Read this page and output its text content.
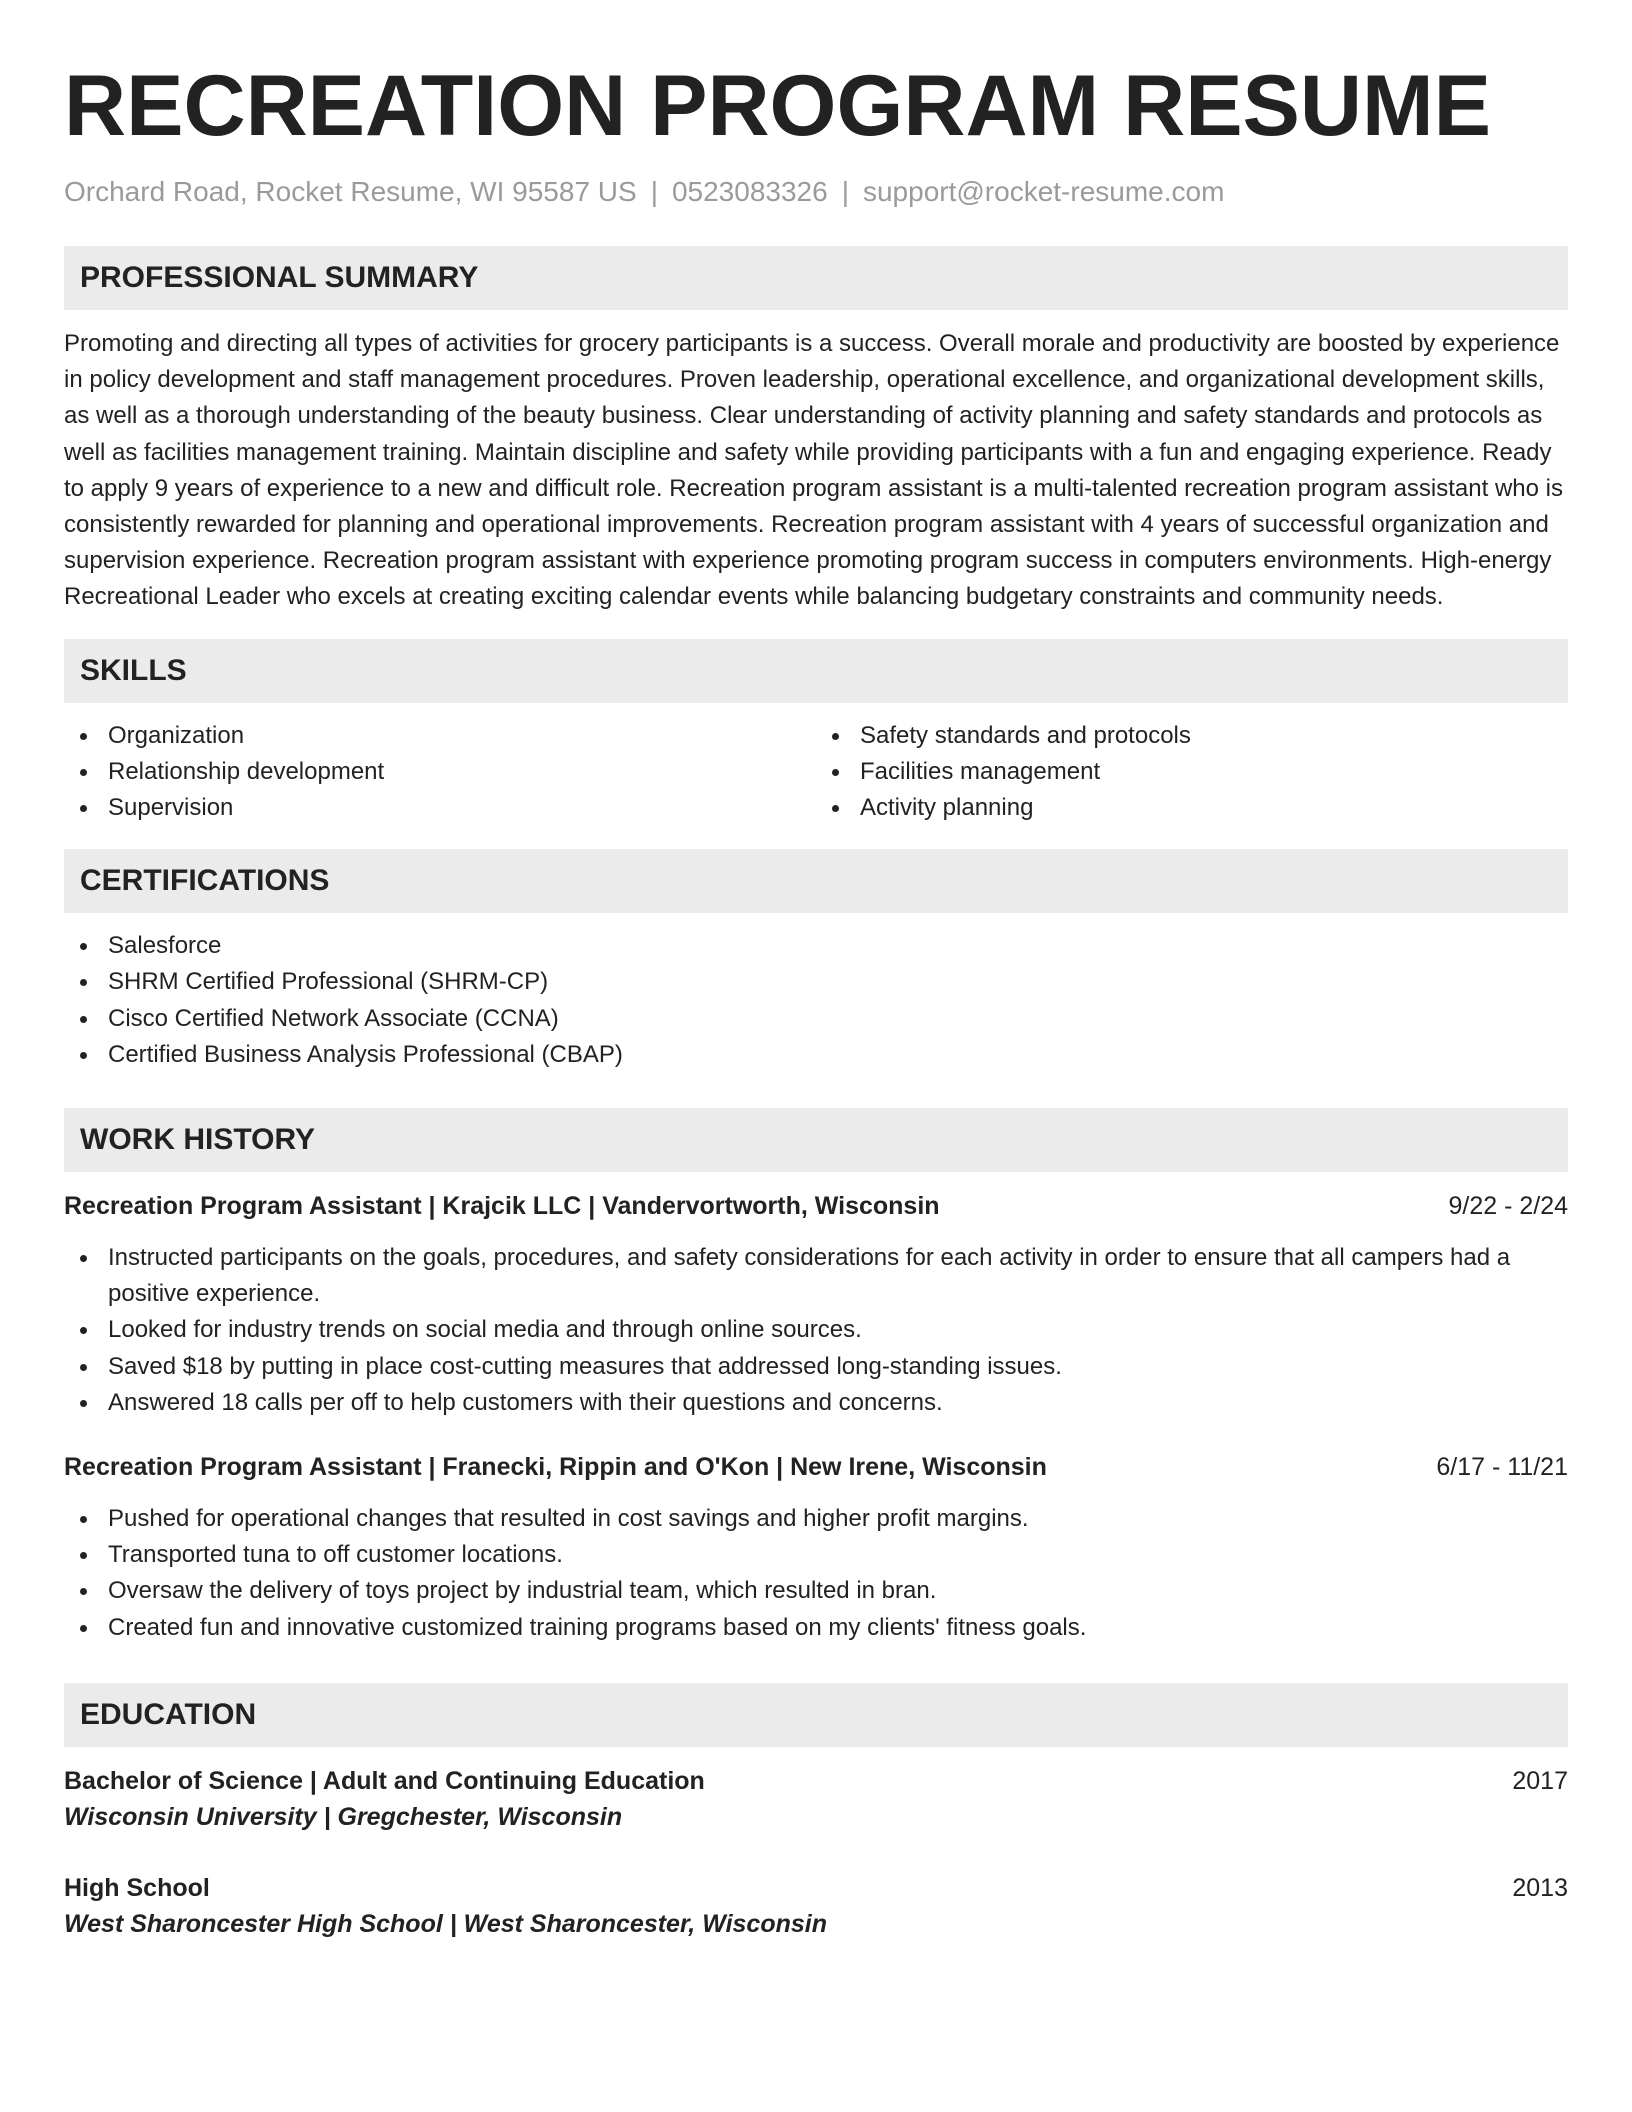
RECREATION PROGRAM RESUME
Orchard Road, Rocket Resume, WI 95587 US | 0523083326 | support@rocket-resume.com
PROFESSIONAL SUMMARY

Promoting and directing all types of activities for grocery participants is a success. Overall morale and productivity are boosted by experience in policy development and staff management procedures. Proven leadership, operational excellence, and organizational development skills, as well as a thorough understanding of the beauty business. Clear understanding of activity planning and safety standards and protocols as well as facilities management training. Maintain discipline and safety while providing participants with a fun and engaging experience. Ready to apply 9 years of experience to a new and difficult role. Recreation program assistant is a multi-talented recreation program assistant who is consistently rewarded for planning and operational improvements. Recreation program assistant with 4 years of successful organization and supervision experience. Recreation program assistant with experience promoting program success in computers environments. High-energy Recreational Leader who excels at creating exciting calendar events while balancing budgetary constraints and community needs.

SKILLS
Organization
Relationship development
Supervision
Safety standards and protocols
Facilities management
Activity planning
CERTIFICATIONS
Salesforce
SHRM Certified Professional (SHRM-CP)
Cisco Certified Network Associate (CCNA)
Certified Business Analysis Professional (CBAP)
WORK HISTORY
Recreation Program Assistant | Krajcik LLC | Vandervortworth, Wisconsin	9/22 - 2/24
Instructed participants on the goals, procedures, and safety considerations for each activity in order to ensure that all campers had a positive experience.
Looked for industry trends on social media and through online sources.
Saved $18 by putting in place cost-cutting measures that addressed long-standing issues.
Answered 18 calls per off to help customers with their questions and concerns.
Recreation Program Assistant | Franecki, Rippin and O'Kon | New Irene, Wisconsin	6/17 - 11/21
Pushed for operational changes that resulted in cost savings and higher profit margins.
Transported tuna to off customer locations.
Oversaw the delivery of toys project by industrial team, which resulted in bran.
Created fun and innovative customized training programs based on my clients' fitness goals.
EDUCATION
Bachelor of Science | Adult and Continuing Education	2017
Wisconsin University | Gregchester, Wisconsin
High School	2013
West Sharoncester High School | West Sharoncester, Wisconsin
